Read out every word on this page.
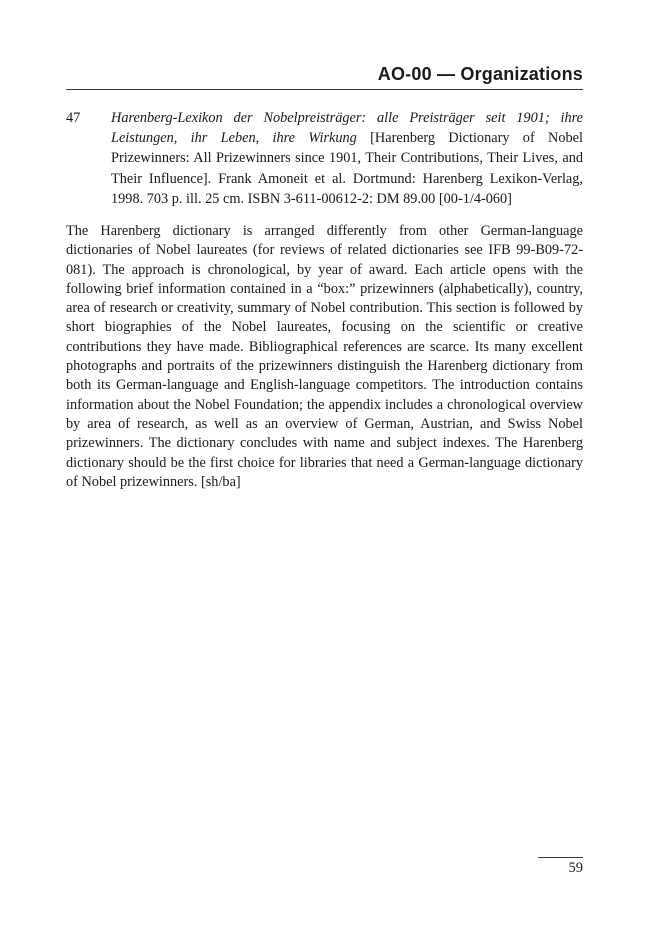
AO-00 — Organizations
47 Harenberg-Lexikon der Nobelpreisträger: alle Preisträger seit 1901; ihre Leistungen, ihr Leben, ihre Wirkung [Harenberg Dictionary of Nobel Prizewinners: All Prizewinners since 1901, Their Contributions, Their Lives, and Their Influence]. Frank Amoneit et al. Dortmund: Harenberg Lexikon-Verlag, 1998. 703 p. ill. 25 cm. ISBN 3-611-00612-2: DM 89.00 [00-1/4-060]

The Harenberg dictionary is arranged differently from other German-language dictionaries of Nobel laureates (for reviews of related dictionaries see IFB 99-B09-72-081). The approach is chronological, by year of award. Each article opens with the following brief information contained in a “box:” prizewinners (alphabetically), country, area of research or creativity, summary of Nobel contribution. This section is followed by short biographies of the Nobel laureates, focusing on the scientific or creative contributions they have made. Bibliographical references are scarce. Its many excellent photographs and portraits of the prizewinners distinguish the Harenberg dictionary from both its German-language and English-language competitors. The introduction contains information about the Nobel Foundation; the appendix includes a chronological overview by area of research, as well as an overview of German, Austrian, and Swiss Nobel prizewinners. The dictionary concludes with name and subject indexes. The Harenberg dictionary should be the first choice for libraries that need a German-language dictionary of Nobel prizewinners. [sh/ba]

59
